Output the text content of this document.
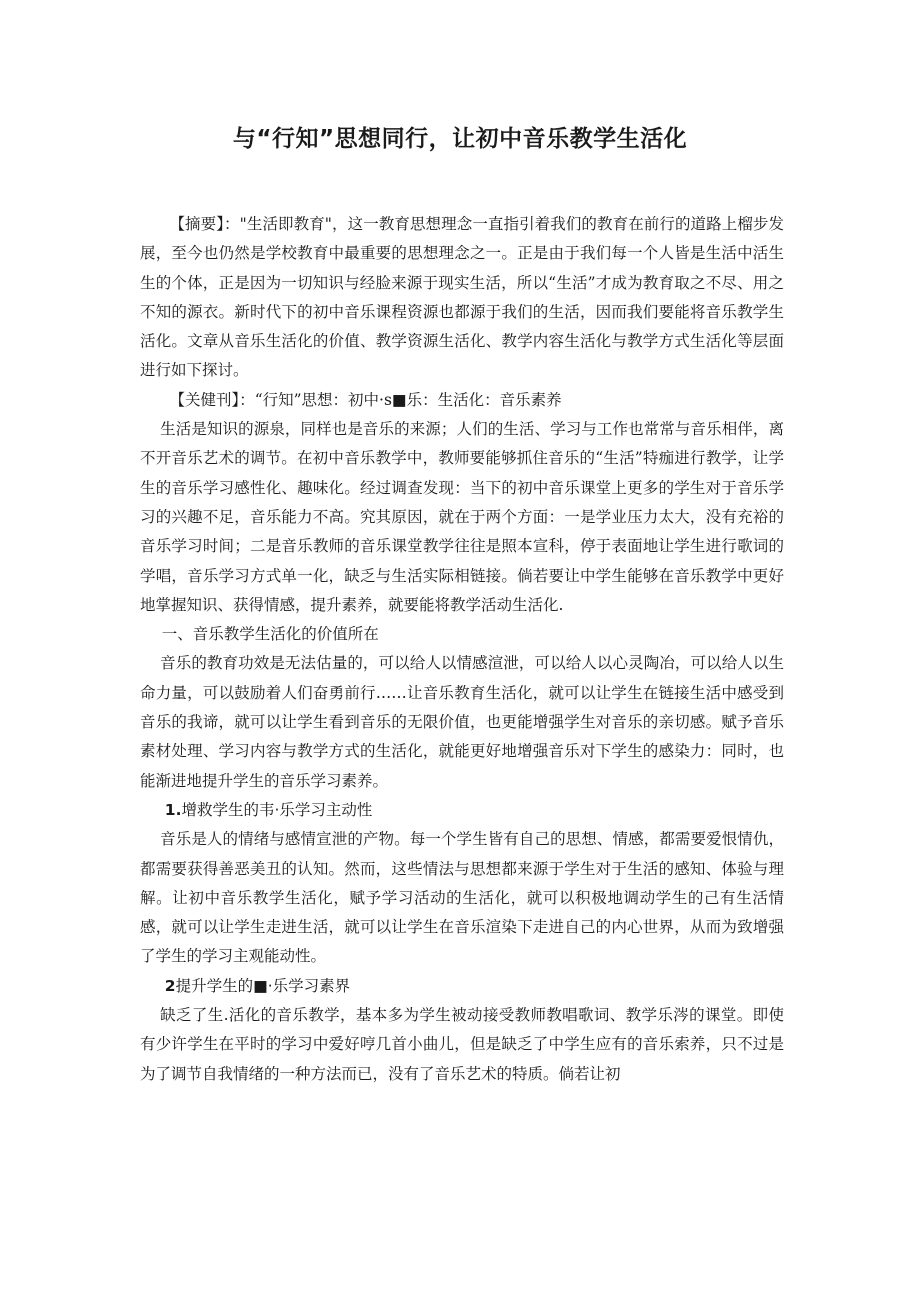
与“行知”思想同行，让初中音乐教学生活化

【摘要】："生活即教育"，这一教育思想理念一直指引着我们的教育在前行的道路上榴步发展，至今也仍然是学校教育中最重要的思想理念之一。正是由于我们每一个人皆是生活中活生生的个体，正是因为一切知识与经脸来源于现实生活，所以“生活”才成为教育取之不尽、用之不知的源衣。新时代下的初中音乐课程资源也都源于我们的生活，因而我们要能将音乐教学生活化。文章从音乐生活化的价值、教学资源生活化、教学内容生活化与教学方式生活化等层面进行如下探讨。

【关健刊】：“行知”思想：初中·s■乐：生活化：音乐素养

生活是知识的源泉，同样也是音乐的来源；人们的生活、学习与工作也常常与音乐相伴，离不开音乐艺术的调节。在初中音乐教学中，教师要能够抓住音乐的“生活”特痂进行教学，让学生的音乐学习感性化、趣味化。经过调查发现：当下的初中音乐课堂上更多的学生对于音乐学习的兴趣不足，音乐能力不高。究其原因，就在于两个方面：一是学业压力太大，没有充裕的音乐学习时间；二是音乐教师的音乐课堂教学往往是照本宣科，停于表面地让学生进行歌词的学唱，音乐学习方式单一化，缺乏与生活实际相链接。倘若要让中学生能够在音乐教学中更好地掌握知识、获得情感，提升素养，就要能将教学活动生活化.

一、音乐教学生活化的价值所在

音乐的教育功效是无法估量的，可以给人以情感渲泄，可以给人以心灵陶冶，可以给人以生命力量，可以鼓励着人们奋勇前行……让音乐教育生活化，就可以让学生在链接生活中感受到音乐的我谛，就可以让学生看到音乐的无限价值，也更能增强学生对音乐的亲切感。赋予音乐素材处理、学习内容与教学方式的生活化，就能更好地增强音乐对下学生的感染力：同时，也能渐进地提升学生的音乐学习素养。

1.增救学生的韦·乐学习主动性

音乐是人的情绪与感情宣泄的产物。每一个学生皆有自己的思想、情感，都需要爱恨情仇，都需要获得善恶美丑的认知。然而，这些情法与思想都来源于学生对于生活的感知、体验与理解。让初中音乐教学生活化，赋予学习活动的生活化，就可以积极地调动学生的己有生活情感，就可以让学生走进生活，就可以让学生在音乐渲染下走进自己的内心世界，从而为致增强了学生的学习主观能动性。

2提升学生的■·乐学习素界

缺乏了生.活化的音乐教学，基本多为学生被动接受教师教唱歌词、教学乐涔的课堂。即使有少许学生在平时的学习中爱好哼几首小曲儿，但是缺乏了中学生应有的音乐索养，只不过是为了调节自我情绪的一种方法而已，没有了音乐艺术的特质。倘若让初
